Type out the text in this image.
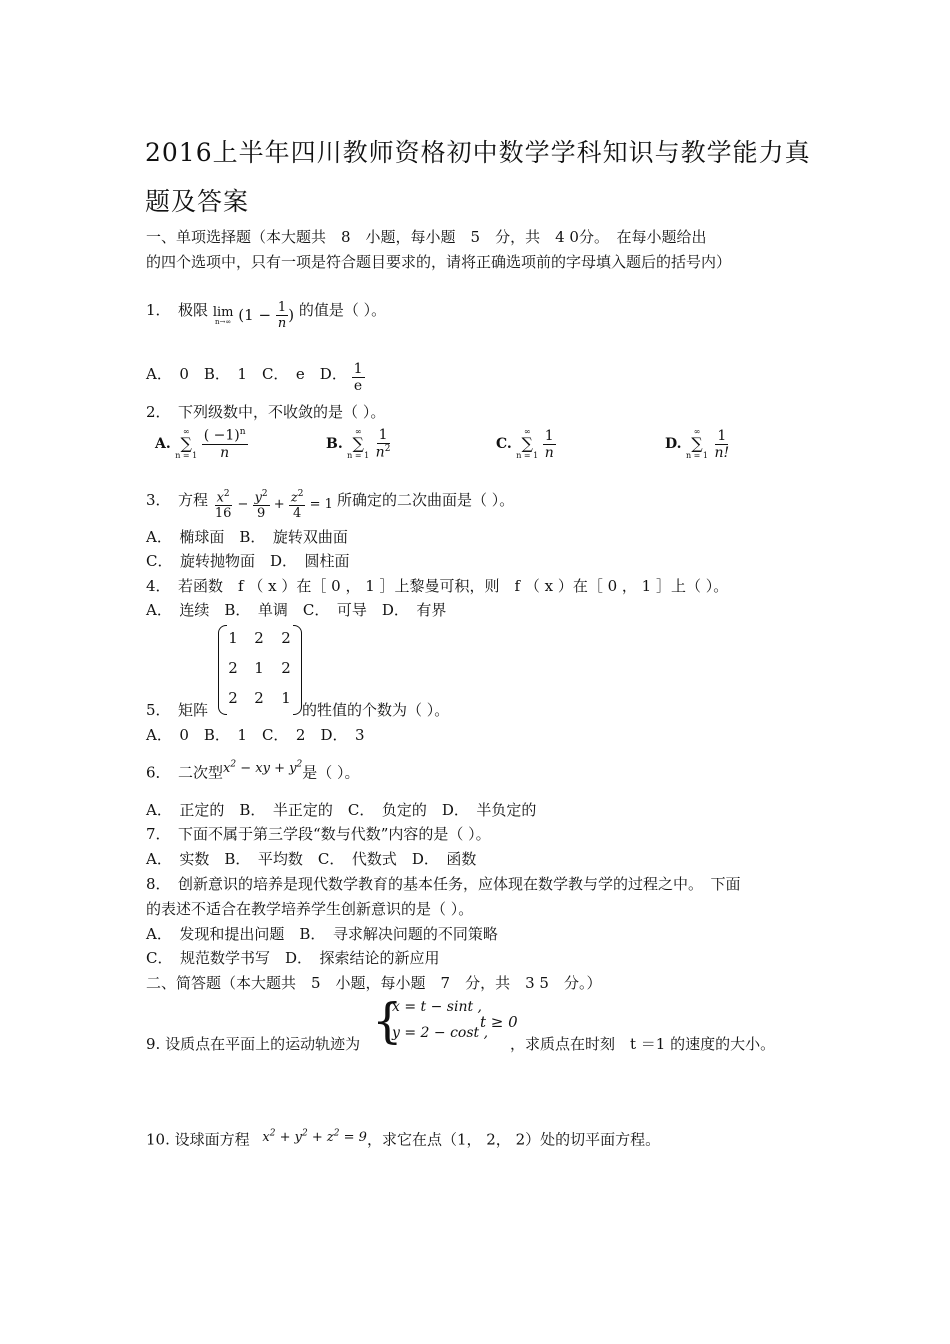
2016上半年四川教师资格初中数学学科知识与教学能力真
题及答案
一、单项选择题（本大题共　8　小题，每小题　5　分，共　4 0分。　在每小题给出
的四个选项中，只有一项是符合题目要求的，请将正确选项前的字母填入题后的括号内）
1．　极限 lim
n→∞ ($1 - \frac{1}{n}$ ) 的值是（ ）。
A．　0　B．　1　C．　e　D． $\frac{1}{e}$
2．　下列级数中，不收敛的是（ ）。
A.
∞
∑
n = 1
$\frac{( -1)^n}{n}$	B.
∞
∑
n = 1
$\frac{1}{n^2}$	C.
∞
∑
n = 1
$\frac{1}{n}$	D.
∞
∑
n = 1
$\frac{1}{n!}$
3．　方程 $\frac{x^2}{16} - \frac{y^2}{9} + \frac{z^2}{4} = 1$ 所确定的二次曲面是（ ）。
A．　椭球面　B．　旋转双曲面
C．　旋转抛物面　D．　圆柱面
4．　若函数　f （ x ）在［ 0 ， 1 ］上黎曼可积，则　f （ x ）在［ 0 ， 1 ］上（ ）。
A．　连续　B．　单调　C．　可导　D．　有界
1	2	2
2	1	2
2	2	1
5．　矩阵	的牲值的个数为（ ）。
A．　0　B．　1　C．　2　D．　3
6．　二次型$x^2$ − xy + $y^2$是（ ）。
A．　正定的　B．　半正定的　C．　负定的　D．　半负定的
7．　下面不属于第三学段“数与代数”内容的是（ ）。
A．　实数　B．　平均数　C．　代数式　D．　函数
8．　创新意识的培养是现代数学教育的基本任务，应体现在数学教与学的过程之中。　下面
的表述不适合在教学培养学生创新意识的是（ ）。
A．　发现和提出问题　B．　寻求解决问题的不同策略
C．　规范数学书写　D．　探索结论的新应用
二、简答题（本大题共　5　小题，每小题　7　分，共　3 5　分。）
{
x = t − sint ,
y = 2 − cost ,
t ≥ 0
9. 设质点在平面上的运动轨迹为	，求质点在时刻　t ＝1 的速度的大小。
10. 设球面方程 $x^2 + y^2 + z^2 = 9$，求它在点（1， 2， 2）处的切平面方程。
